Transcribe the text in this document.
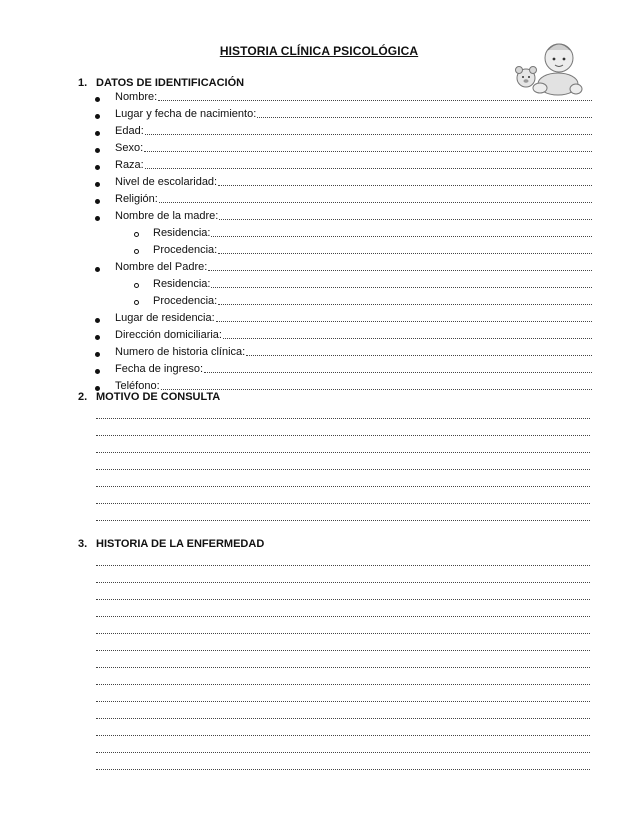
HISTORIA CLÍNICA PSICOLÓGICA
1. DATOS DE IDENTIFICACIÓN
Nombre:
Lugar y fecha de nacimiento:
Edad:
Sexo:
Raza:
Nivel de escolaridad:
Religión:
Nombre de la madre:
Residencia:
Procedencia:
Nombre del Padre:
Residencia:
Procedencia:
Lugar de residencia:
Dirección domiciliaria:
Numero de historia clínica:
Fecha de ingreso:
Teléfono:
2. MOTIVO DE CONSULTA
3. HISTORIA DE LA ENFERMEDAD
